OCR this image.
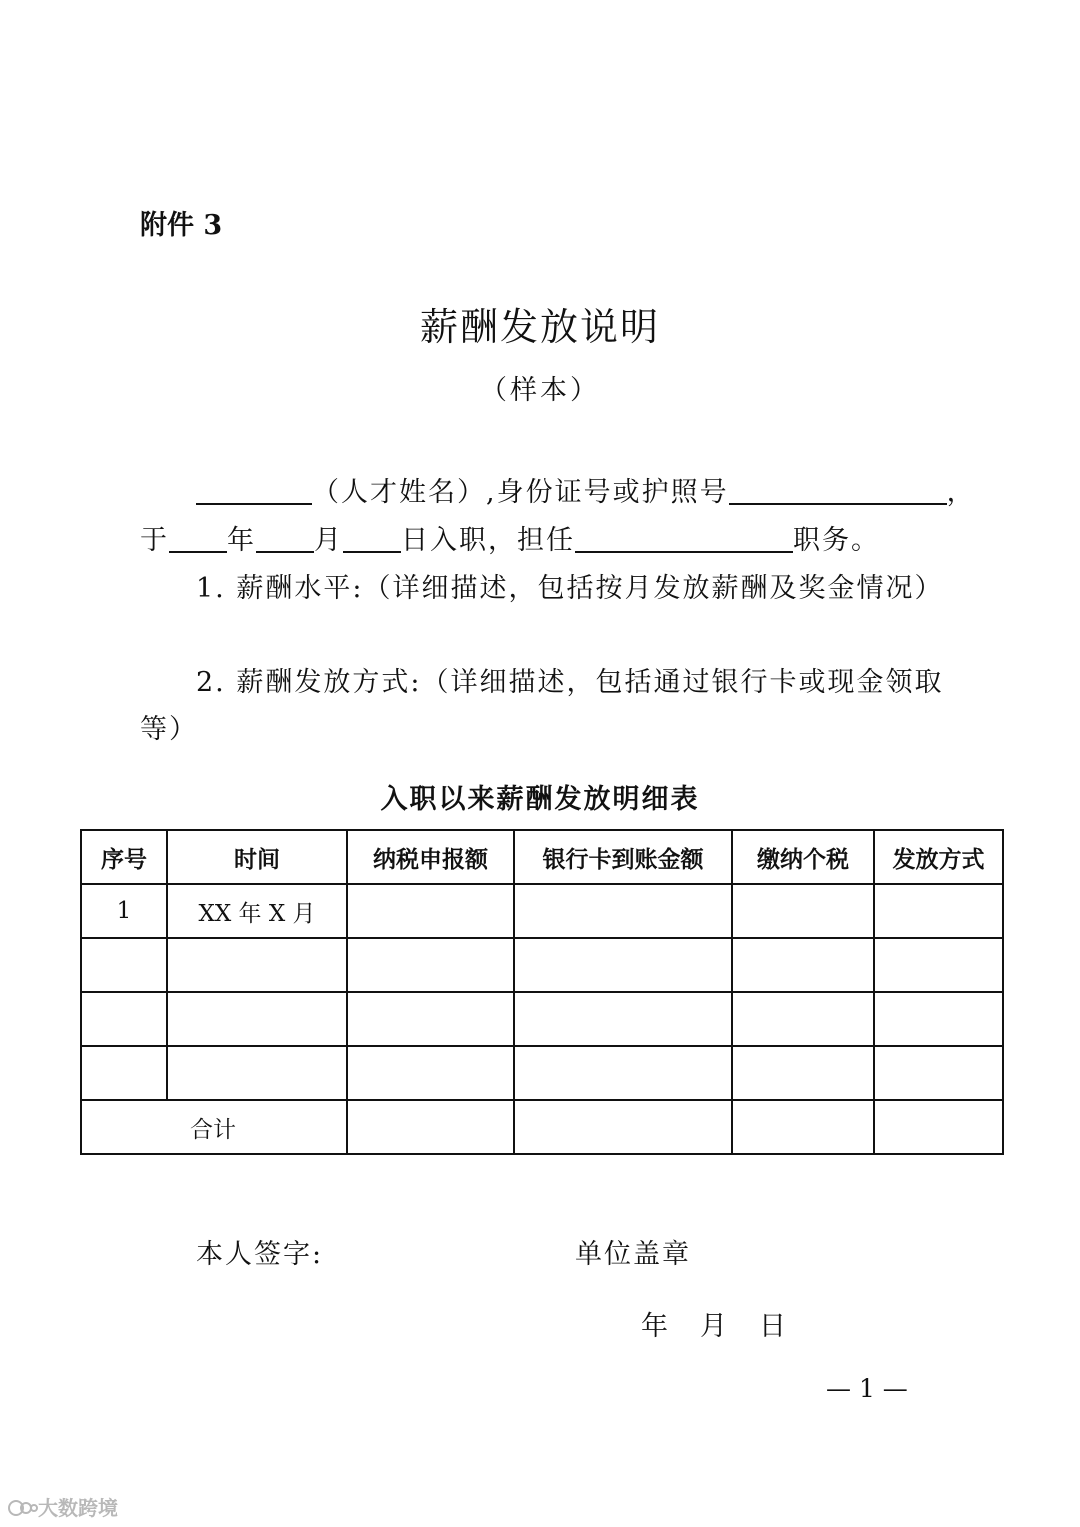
附件 3
薪酬发放说明
（样本）
（人才姓名）,身份证号或护照号	，
于 年 月 日入职，担任	职务。
1. 薪酬水平:（详细描述，包括按月发放薪酬及奖金情况）
2. 薪酬发放方式:（详细描述，包括通过银行卡或现金领取
等）
入职以来薪酬发放明细表
序号	时间	纳税申报额	银行卡到账金额	缴纳个税	发放方式
1	XX 年 X 月				

合计					
本人签字:	单位盖章
年 月 日
— 1 —
大数跨境
